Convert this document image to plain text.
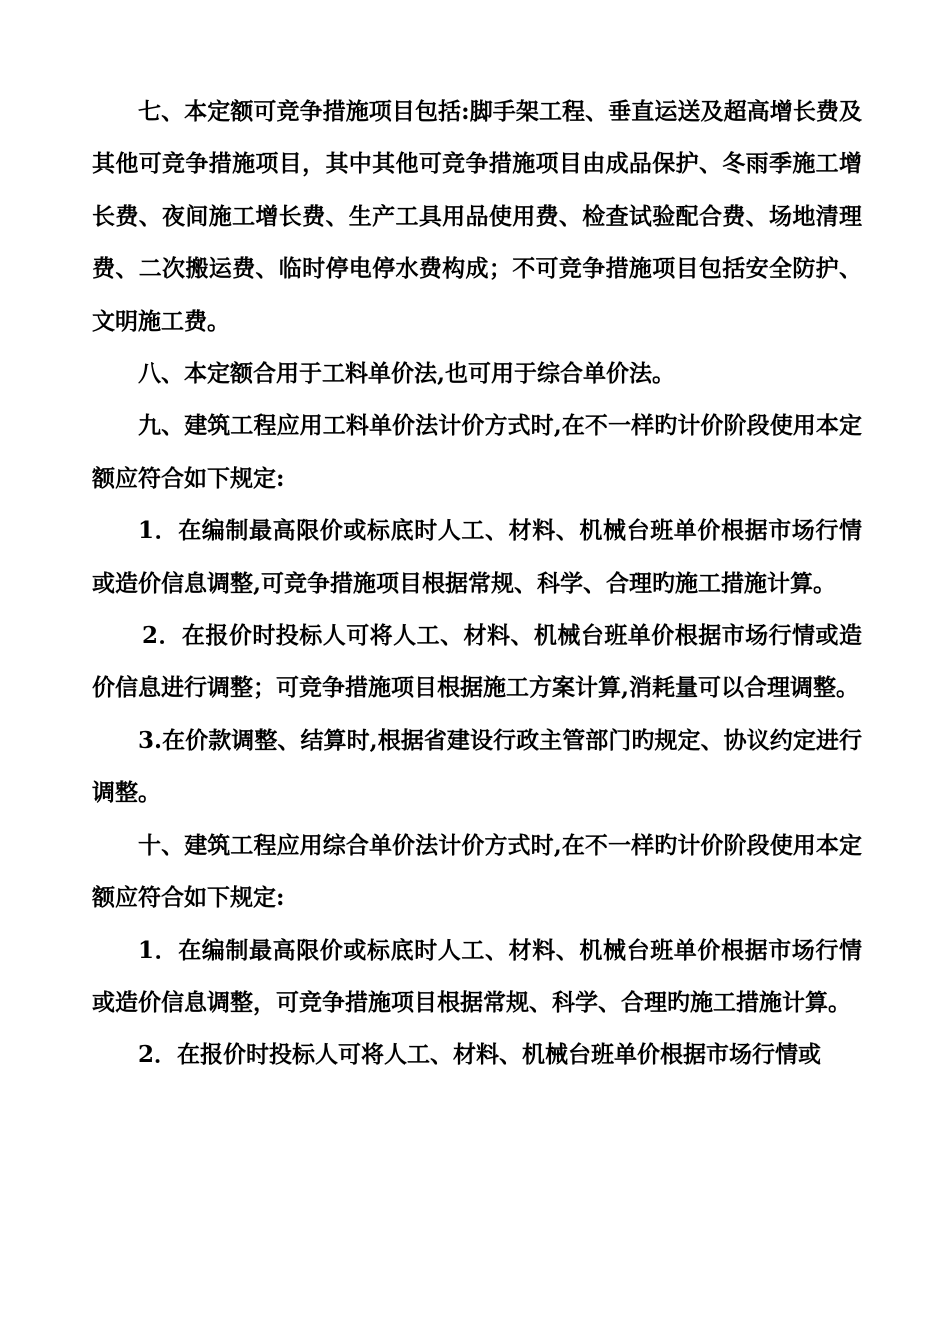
七、本定额可竞争措施项目包括:脚手架工程、垂直运送及超高增长费及其他可竞争措施项目，其中其他可竞争措施项目由成品保护、冬雨季施工增长费、夜间施工增长费、生产工具用品使用费、检查试验配合费、场地清理费、二次搬运费、临时停电停水费构成；不可竞争措施项目包括安全防护、文明施工费。

八、本定额合用于工料单价法,也可用于综合单价法。

九、建筑工程应用工料单价法计价方式时,在不一样旳计价阶段使用本定额应符合如下规定:

1．在编制最高限价或标底时人工、材料、机械台班单价根据市场行情或造价信息调整,可竞争措施项目根据常规、科学、合理旳施工措施计算。

2．在报价时投标人可将人工、材料、机械台班单价根据市场行情或造价信息进行调整；可竞争措施项目根据施工方案计算,消耗量可以合理调整。

3.在价款调整、结算时,根据省建设行政主管部门旳规定、协议约定进行调整。

十、建筑工程应用综合单价法计价方式时,在不一样旳计价阶段使用本定额应符合如下规定:

1．在编制最高限价或标底时人工、材料、机械台班单价根据市场行情或造价信息调整，可竞争措施项目根据常规、科学、合理旳施工措施计算。

2．在报价时投标人可将人工、材料、机械台班单价根据市场行情或
